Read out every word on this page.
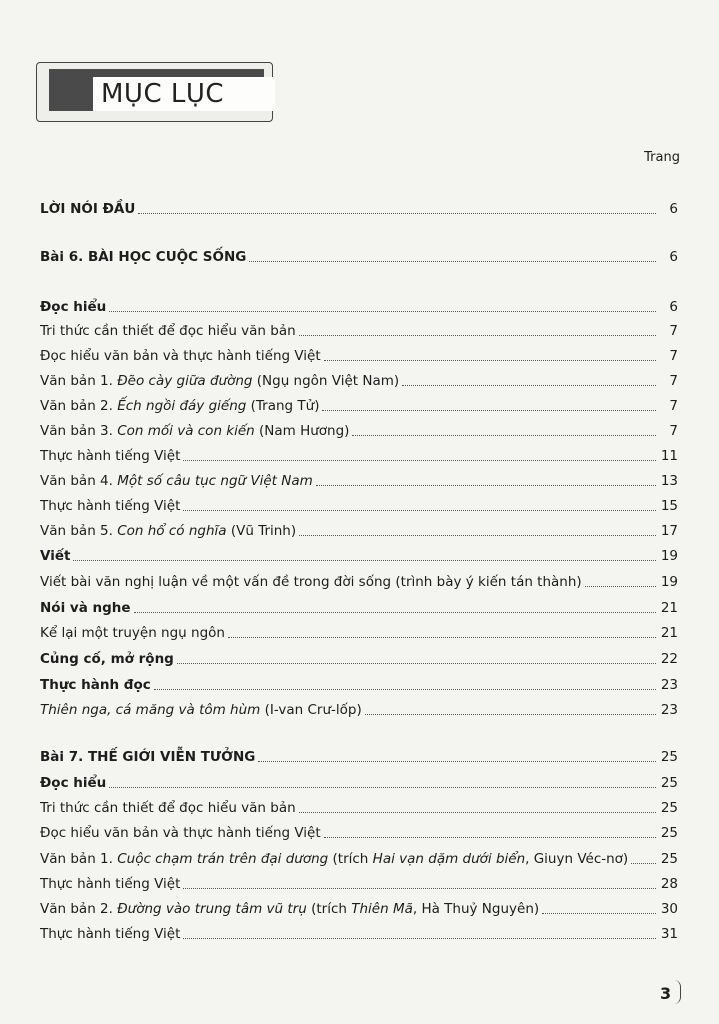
MỤC LỤC
Trang
LỜI NÓI ĐẦU	6
Bài 6. BÀI HỌC CUỘC SỐNG	6
Đọc hiểu	6
Tri thức cần thiết để đọc hiểu văn bản	7
Đọc hiểu văn bản và thực hành tiếng Việt	7
Văn bản 1. Đẽo cày giữa đường (Ngụ ngôn Việt Nam)	7
Văn bản 2. Ếch ngồi đáy giếng (Trang Tử)	7
Văn bản 3. Con mối và con kiến (Nam Hương)	7
Thực hành tiếng Việt	11
Văn bản 4. Một số câu tục ngữ Việt Nam	13
Thực hành tiếng Việt	15
Văn bản 5. Con hổ có nghĩa (Vũ Trinh)	17
Viết	19
Viết bài văn nghị luận về một vấn đề trong đời sống (trình bày ý kiến tán thành)	19
Nói và nghe	21
Kể lại một truyện ngụ ngôn	21
Củng cố, mở rộng	22
Thực hành đọc	23
Thiên nga, cá măng và tôm hùm (I-van Crư-lốp)	23
Bài 7. THẾ GIỚI VIỄN TƯỞNG	25
Đọc hiểu	25
Tri thức cần thiết để đọc hiểu văn bản	25
Đọc hiểu văn bản và thực hành tiếng Việt	25
Văn bản 1. Cuộc chạm trán trên đại dương (trích Hai vạn dặm dưới biển, Giuyn Véc-nơ) 25
Thực hành tiếng Việt	28
Văn bản 2. Đường vào trung tâm vũ trụ (trích Thiên Mã, Hà Thuỷ Nguyên)	30
Thực hành tiếng Việt	31
3
